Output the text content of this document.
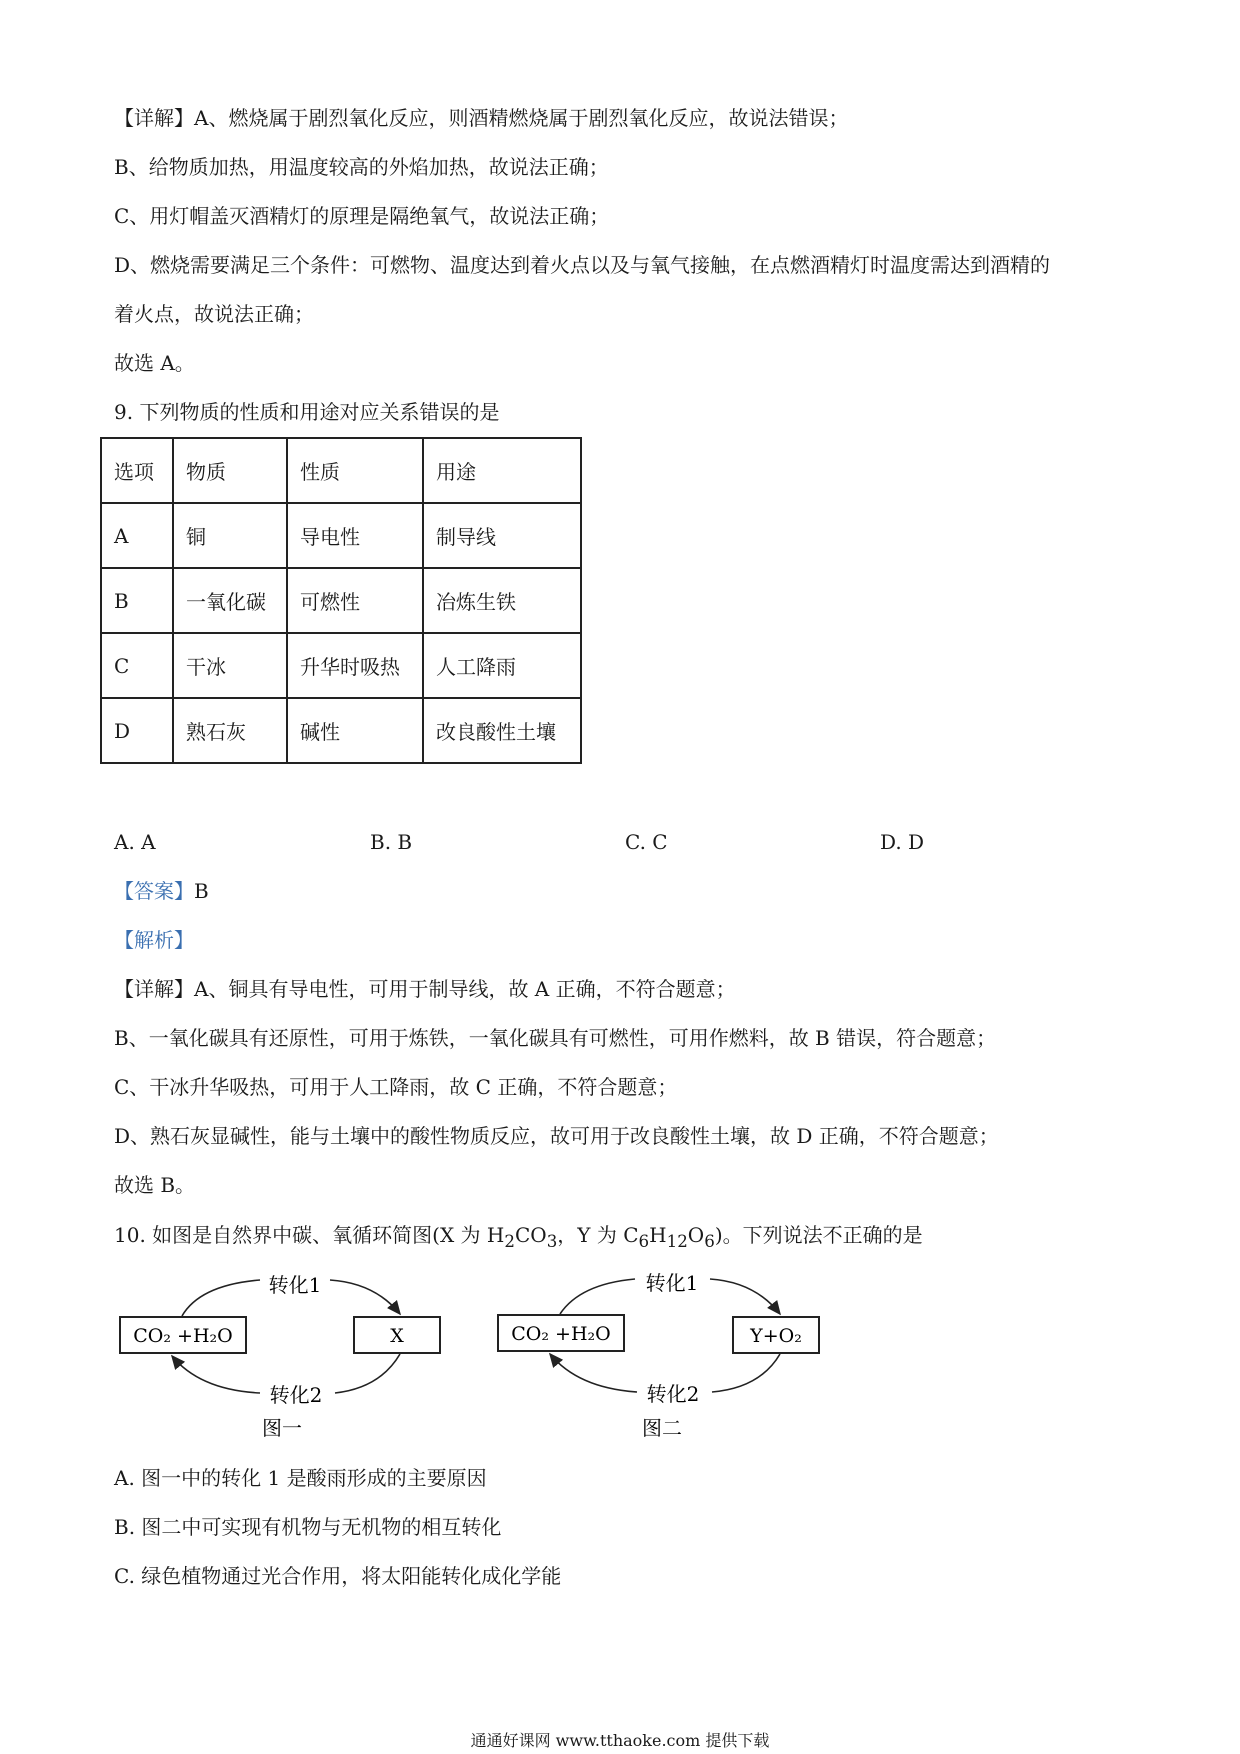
【详解】A、燃烧属于剧烈氧化反应，则酒精燃烧属于剧烈氧化反应，故说法错误；
B、给物质加热，用温度较高的外焰加热，故说法正确；
C、用灯帽盖灭酒精灯的原理是隔绝氧气，故说法正确；
D、燃烧需要满足三个条件：可燃物、温度达到着火点以及与氧气接触，在点燃酒精灯时温度需达到酒精的
着火点，故说法正确；
故选 A。
9. 下列物质的性质和用途对应关系错误的是
选项	物质	性质	用途
A	铜	导电性	制导线
B	一氧化碳	可燃性	冶炼生铁
C	干冰	升华时吸热	人工降雨
D	熟石灰	碱性	改良酸性土壤
A. A	B. B	C. C	D. D
【答案】B
【解析】
【详解】A、铜具有导电性，可用于制导线，故 A 正确，不符合题意；
B、一氧化碳具有还原性，可用于炼铁，一氧化碳具有可燃性，可用作燃料，故 B 错误，符合题意；
C、干冰升华吸热，可用于人工降雨，故 C 正确，不符合题意；
D、熟石灰显碱性，能与土壤中的酸性物质反应，故可用于改良酸性土壤，故 D 正确，不符合题意；
故选 B。
10. 如图是自然界中碳、氧循环简图(X 为 $H_2CO_3$，Y 为 $C_6H_{12}O_6$)。下列说法不正确的是
CO₂ +H₂O	X
转化1
转化2
图一
CO₂ +H₂O	Y+O₂
转化1
转化2
图二
A. 图一中的转化 1 是酸雨形成的主要原因
B. 图二中可实现有机物与无机物的相互转化
C. 绿色植物通过光合作用，将太阳能转化成化学能
通通好课网 www.tthaoke.com 提供下载
